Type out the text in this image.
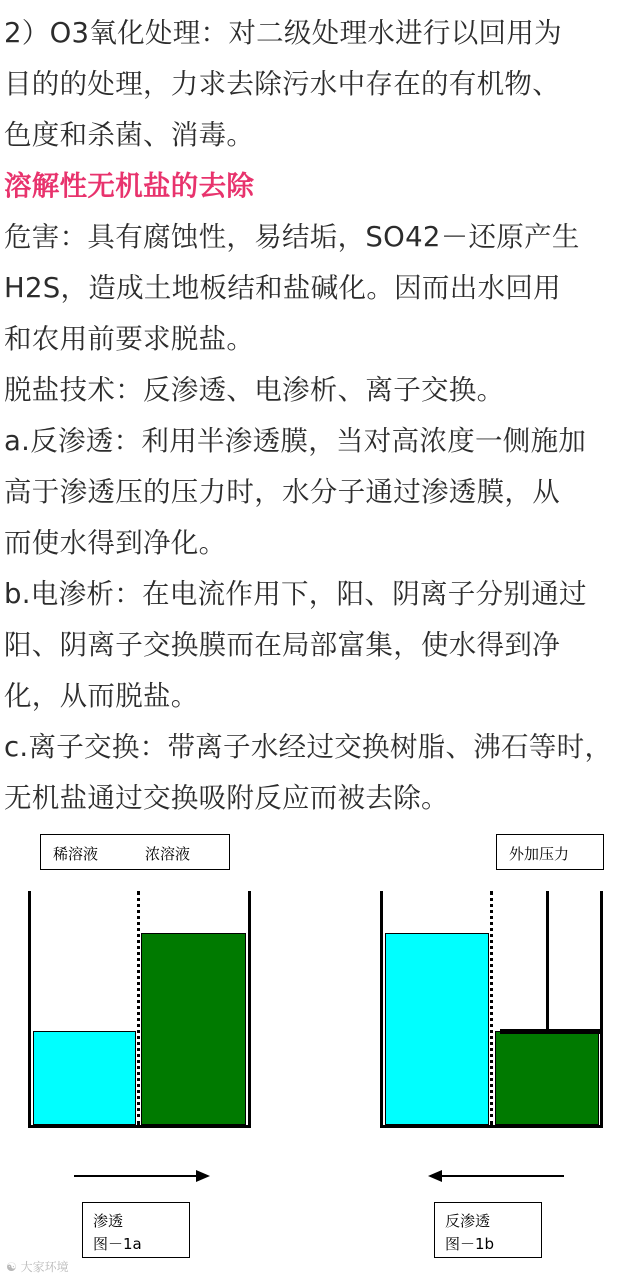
2）O3氧化处理：对二级处理水进行以回用为

目的的处理，力求去除污水中存在的有机物、

色度和杀菌、消毒。

溶解性无机盐的去除

危害：具有腐蚀性，易结垢，SO42－还原产生

H2S，造成土地板结和盐碱化。因而出水回用

和农用前要求脱盐。

脱盐技术：反渗透、电渗析、离子交换。

a.反渗透：利用半渗透膜，当对高浓度一侧施加

高于渗透压的压力时，水分子通过渗透膜，从

而使水得到净化。

b.电渗析：在电流作用下，阳、阴离子分别通过

阳、阴离子交换膜而在局部富集，使水得到净

化，从而脱盐。

c.离子交换：带离子水经过交换树脂、沸石等时，

无机盐通过交换吸附反应而被去除。

稀溶液	浓溶液
渗透
图－1a
外加压力
反渗透
图－1b
☯ 大家环境
